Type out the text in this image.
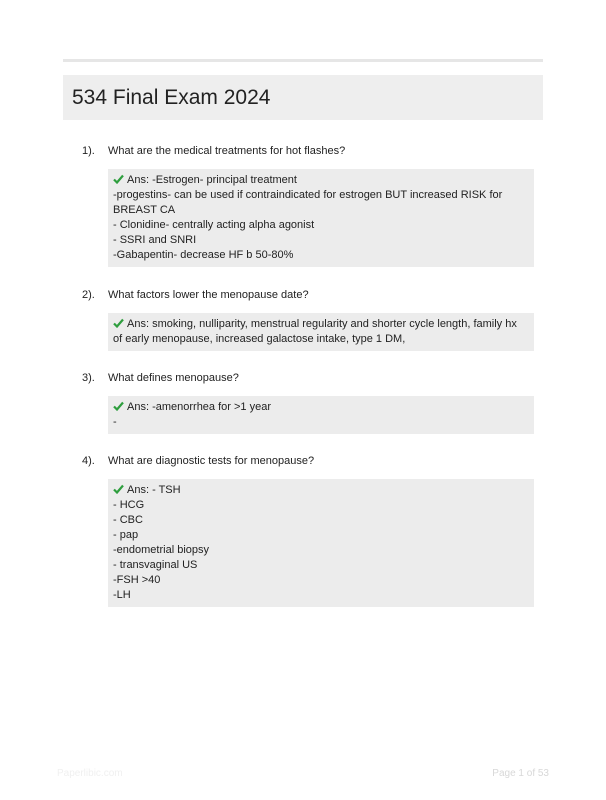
534 Final Exam 2024
1). What are the medical treatments for hot flashes?
Ans: -Estrogen- principal treatment
-progestins- can be used if contraindicated for estrogen BUT increased RISK for BREAST CA
- Clonidine- centrally acting alpha agonist
- SSRI and SNRI
-Gabapentin- decrease HF b 50-80%
2). What factors lower the menopause date?
Ans: smoking, nulliparity, menstrual regularity and shorter cycle length, family hx of early menopause, increased galactose intake, type 1 DM,
3). What defines menopause?
Ans: -amenorrhea for >1 year
-
4). What are diagnostic tests for menopause?
Ans: - TSH
- HCG
- CBC
- pap
-endometrial biopsy
- transvaginal US
-FSH >40
-LH
Paperlibic.com	Page 1 of 53
